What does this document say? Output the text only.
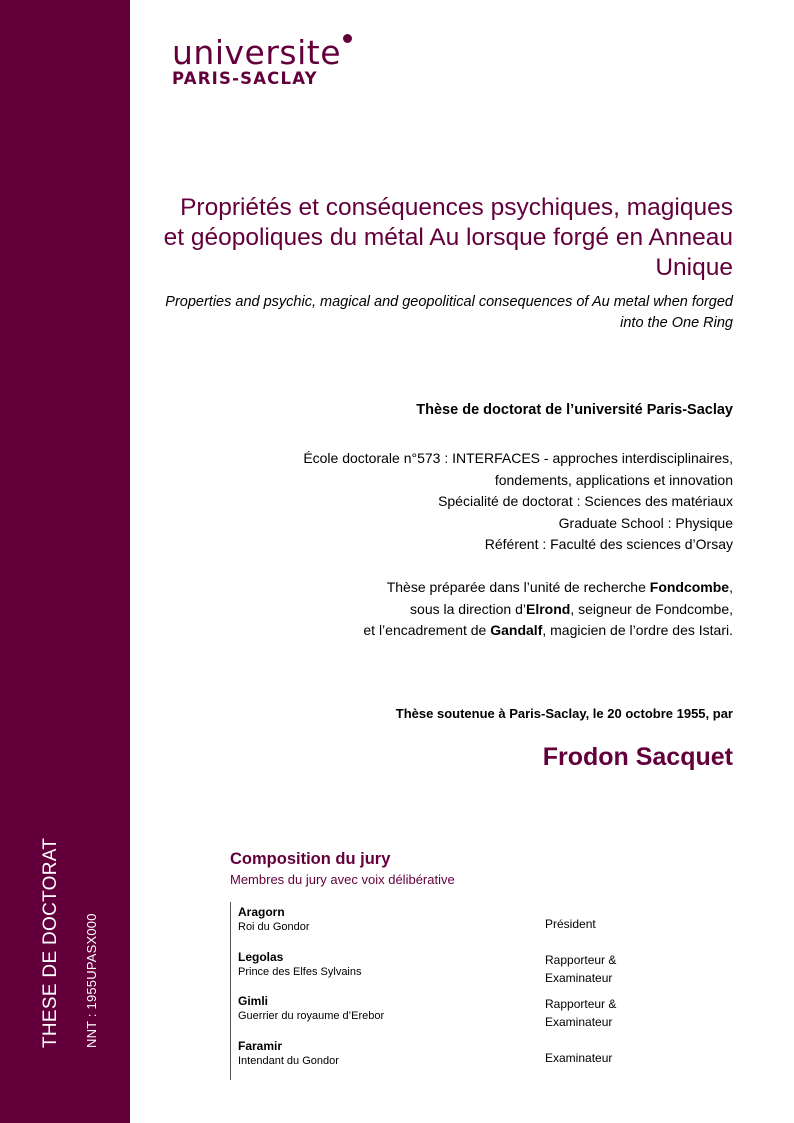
THESE DE DOCTORAT NNT : 1955UPASX000
universite
PARIS-SACLAY
Propriétés et conséquences psychiques, magiques et géopoliques du métal Au lorsque forgé en Anneau Unique
Properties and psychic, magical and geopolitical consequences of Au metal when forged into the One Ring
Thèse de doctorat de l’université Paris-Saclay
École doctorale n°573 : INTERFACES - approches interdisciplinaires,
fondements, applications et innovation
Spécialité de doctorat : Sciences des matériaux
Graduate School : Physique
Référent : Faculté des sciences d’Orsay
Thèse préparée dans l’unité de recherche Fondcombe,
sous la direction d’Elrond, seigneur de Fondcombe,
et l’encadrement de Gandalf, magicien de l’ordre des Istari.
Thèse soutenue à Paris-Saclay, le 20 octobre 1955, par
Frodon Sacquet
Composition du jury
Membres du jury avec voix délibérative
Aragorn
Roi du Gondor	Président
Legolas
Prince des Elfes Sylvains
Rapporteur &
Examinateur
Gimli
Guerrier du royaume d’Erebor
Rapporteur &
Examinateur
Faramir
Intendant du Gondor	Examinateur
